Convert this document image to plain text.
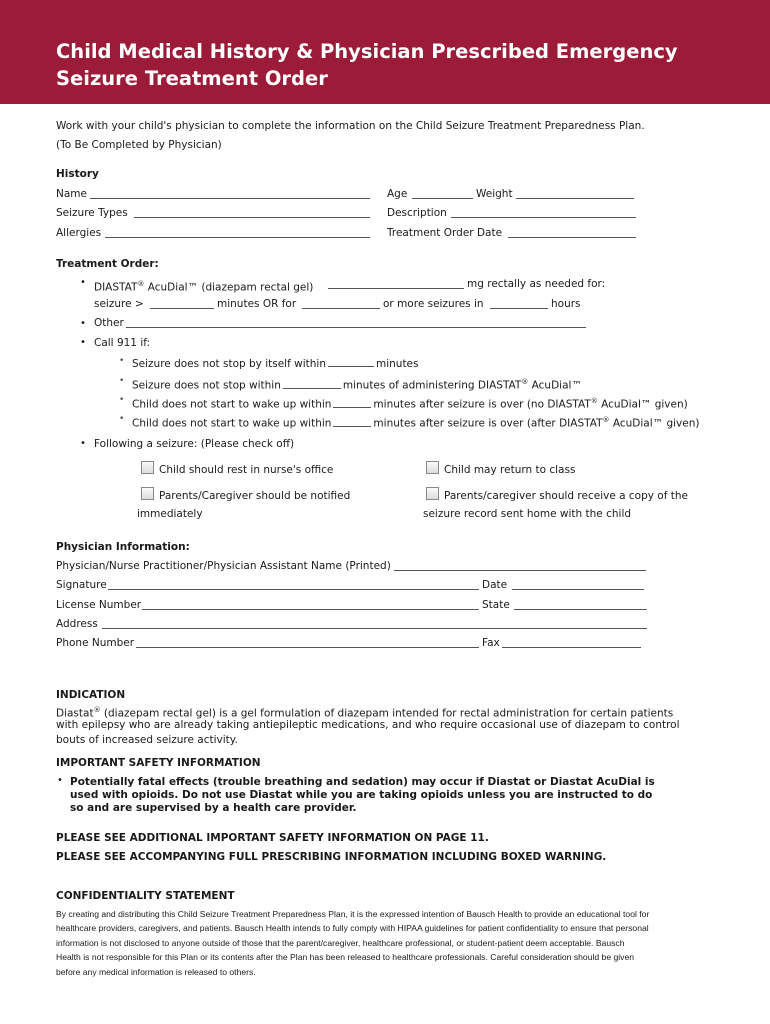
Child Medical History & Physician Prescribed Emergency
Seizure Treatment Order
Work with your child's physician to complete the information on the Child Seizure Treatment Preparedness Plan.
(To Be Completed by Physician)
History
Name	Age	Weight
Seizure Types	Description
Allergies	Treatment Order Date
Treatment Order:
• DIASTAT® AcuDial™ (diazepam rectal gel)	mg rectally as needed for:
seizure >	minutes OR for	or more seizures in	hours
• Other
• Call 911 if:
• Seizure does not stop by itself within	minutes
• Seizure does not stop within	minutes of administering DIASTAT® AcuDial™
• Child does not start to wake up within	minutes after seizure is over (no DIASTAT® AcuDial™ given)
• Child does not start to wake up within	minutes after seizure is over (after DIASTAT® AcuDial™ given)
• Following a seizure: (Please check off)
Child should rest in nurse's office	Child may return to class
Parents/Caregiver should be notified
immediately
Parents/caregiver should receive a copy of the
seizure record sent home with the child
Physician Information:
Physician/Nurse Practitioner/Physician Assistant Name (Printed)
Signature	Date
License Number	State
Address
Phone Number	Fax
INDICATION
Diastat® (diazepam rectal gel) is a gel formulation of diazepam intended for rectal administration for certain patients
with epilepsy who are already taking antiepileptic medications, and who require occasional use of diazepam to control
bouts of increased seizure activity.
IMPORTANT SAFETY INFORMATION
• Potentially fatal effects (trouble breathing and sedation) may occur if Diastat or Diastat AcuDial is
used with opioids. Do not use Diastat while you are taking opioids unless you are instructed to do
so and are supervised by a health care provider.
PLEASE SEE ADDITIONAL IMPORTANT SAFETY INFORMATION ON PAGE 11.
PLEASE SEE ACCOMPANYING FULL PRESCRIBING INFORMATION INCLUDING BOXED WARNING.
CONFIDENTIALITY STATEMENT
By creating and distributing this Child Seizure Treatment Preparedness Plan, it is the expressed intention of Bausch Health to provide an educational tool for
healthcare providers, caregivers, and patients. Bausch Health intends to fully comply with HIPAA guidelines for patient confidentiality to ensure that personal
information is not disclosed to anyone outside of those that the parent/caregiver, healthcare professional, or student-patient deem acceptable. Bausch
Health is not responsible for this Plan or its contents after the Plan has been released to healthcare professionals. Careful consideration should be given
before any medical information is released to others.
